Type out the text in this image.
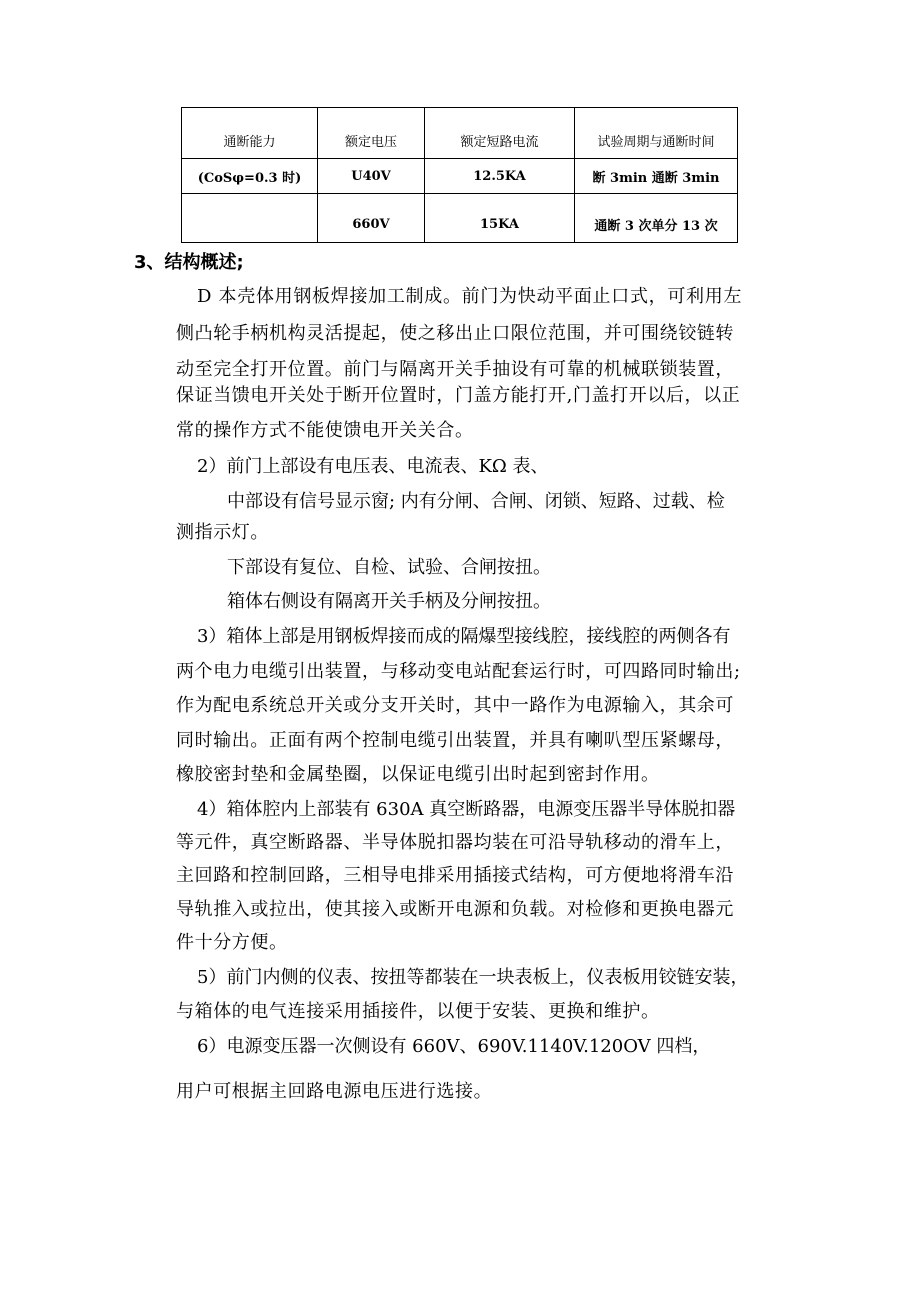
通断能力	额定电压	额定短路电流	试验周期与通断时间
(CoSφ=0.3 时)	U40V	12.5KA	断 3min 通断 3min
	660V	15KA	通断 3 次单分 13 次
3、结构概述;
D 本壳体用钢板焊接加工制成。前门为快动平面止口式，可利用左
侧凸轮手柄机构灵活提起，使之移出止口限位范围，并可围绕铰链转
动至完全打开位置。前门与隔离开关手抽设有可靠的机械联锁装置，
保证当馈电开关处于断开位置时，门盖方能打开,门盖打开以后，以正
常的操作方式不能使馈电开关关合。
2）前门上部设有电压表、电流表、KΩ 表、
中部设有信号显示窗; 内有分闸、合闸、闭锁、短路、过载、检
测指示灯。
下部设有复位、自检、试验、合闸按扭。
箱体右侧设有隔离开关手柄及分闸按扭。
3）箱体上部是用钢板焊接而成的隔爆型接线腔，接线腔的两侧各有
两个电力电缆引出装置，与移动变电站配套运行时，可四路同时输出;
作为配电系统总开关或分支开关时，其中一路作为电源输入，其余可
同时输出。正面有两个控制电缆引出装置，并具有喇叭型压紧螺母，
橡胶密封垫和金属垫圈，以保证电缆引出时起到密封作用。
4）箱体腔内上部装有 630A 真空断路器，电源变压器半导体脱扣器
等元件，真空断路器、半导体脱扣器均装在可沿导轨移动的滑车上，
主回路和控制回路，三相导电排采用插接式结构，可方便地将滑车沿
导轨推入或拉出，使其接入或断开电源和负载。对检修和更换电器元
件十分方便。
5）前门内侧的仪表、按扭等都装在一块表板上，仪表板用铰链安装，
与箱体的电气连接采用插接件，以便于安装、更换和维护。
6）电源变压器一次侧设有 660V、690V.1140V.120OV 四档，
用户可根据主回路电源电压进行选接。
